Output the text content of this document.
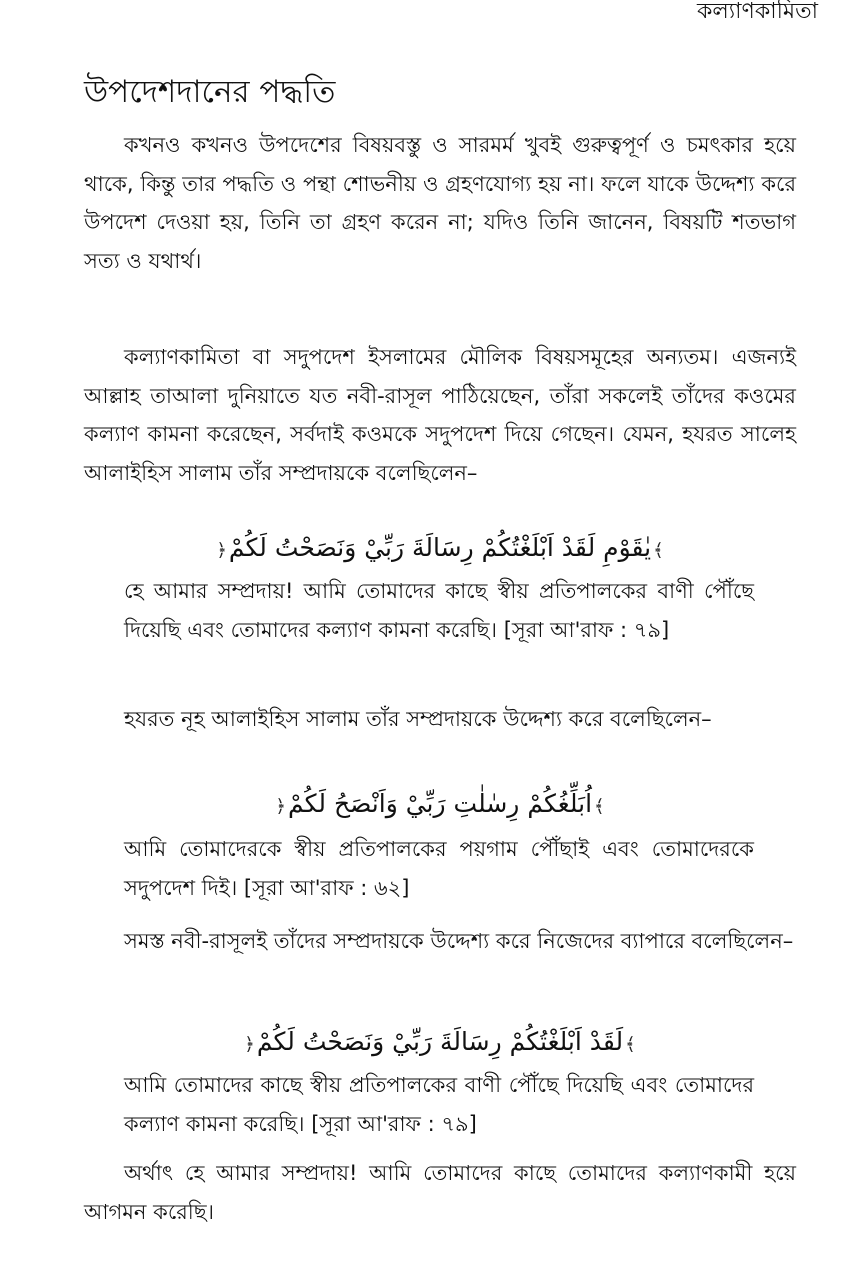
কল্যাণকামিতা
উপদেশদানের পদ্ধতি

কখনও কখনও উপদেশের বিষয়বস্তু ও সারমর্ম খুবই গুরুত্বপূর্ণ ও চমৎকার হয়ে থাকে, কিন্তু তার পদ্ধতি ও পন্থা শোভনীয় ও গ্রহণযোগ্য হয় না। ফলে যাকে উদ্দেশ্য করে উপদেশ দেওয়া হয়, তিনি তা গ্রহণ করেন না; যদিও তিনি জানেন, বিষয়টি শতভাগ সত্য ও যথার্থ।

কল্যাণকামিতা বা সদুপদেশ ইসলামের মৌলিক বিষয়সমূহের অন্যতম। এজন্যই আল্লাহ তাআলা দুনিয়াতে যত নবী-রাসূল পাঠিয়েছেন, তাঁরা সকলেই তাঁদের কওমের কল্যাণ কামনা করেছেন, সর্বদাই কওমকে সদুপদেশ দিয়ে গেছেন। যেমন, হযরত সালেহ আলাইহিস সালাম তাঁর সম্প্রদায়কে বলেছিলেন–

﴾يٰقَوْمِ لَقَدْ اَبْلَغْتُكُمْ رِسَالَةَ رَبِّيْ وَنَصَحْتُ لَكُمْ﴿

হে আমার সম্প্রদায়! আমি তোমাদের কাছে স্বীয় প্রতিপালকের বাণী পৌঁছে দিয়েছি এবং তোমাদের কল্যাণ কামনা করেছি। [সূরা আ'রাফ : ৭৯]

হযরত নূহ আলাইহিস সালাম তাঁর সম্প্রদায়কে উদ্দেশ্য করে বলেছিলেন–

﴾اُبَلِّغُكُمْ رِسٰلٰتِ رَبِّيْ وَاَنْصَحُ لَكُمْ﴿

আমি তোমাদেরকে স্বীয় প্রতিপালকের পয়গাম পৌঁছাই এবং তোমাদেরকে সদুপদেশ দিই। [সূরা আ'রাফ : ৬২]

সমস্ত নবী-রাসূলই তাঁদের সম্প্রদায়কে উদ্দেশ্য করে নিজেদের ব্যাপারে বলেছিলেন–

﴾لَقَدْ اَبْلَغْتُكُمْ رِسَالَةَ رَبِّيْ وَنَصَحْتُ لَكُمْ﴿

আমি তোমাদের কাছে স্বীয় প্রতিপালকের বাণী পৌঁছে দিয়েছি এবং তোমাদের কল্যাণ কামনা করেছি। [সূরা আ'রাফ : ৭৯]

অর্থাৎ হে আমার সম্প্রদায়! আমি তোমাদের কাছে তোমাদের কল্যাণকামী হয়ে আগমন করেছি।
